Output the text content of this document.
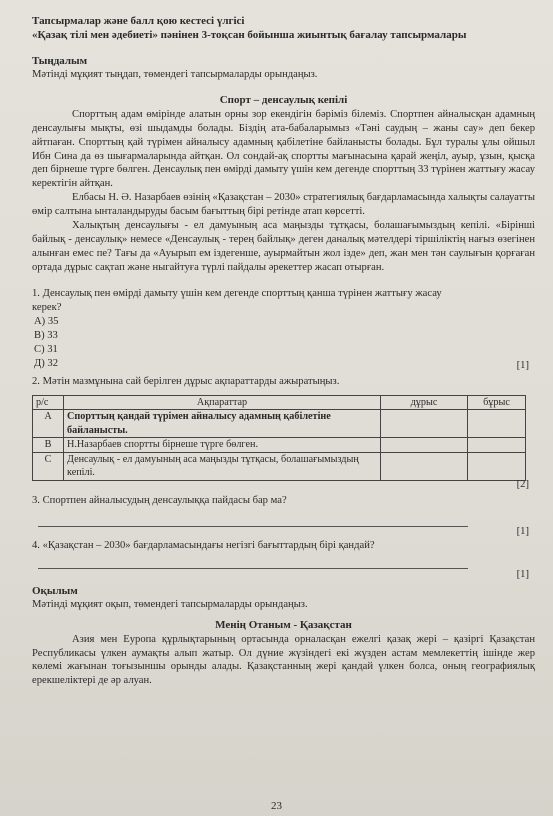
Тапсырмалар және балл қою кестесі үлгісі
«Қазақ тілі мен әдебиеті» пәнінен 3-тоқсан бойынша жиынтық бағалау тапсырмалары
Тыңдалым
Мәтінді мұқият тыңдап, төмендегі тапсырмаларды орындаңыз.
Спорт – денсаулық кепілі

Спорттың адам өмірінде алатын орны зор екендігін бәріміз білеміз. Спортпен айналысқан адамның денсаулығы мықты, өзі шыдамды болады. Біздің ата-бабаларымыз «Тәні саудың – жаны сау» деп бекер айтпаған. Спорттың қай түрімен айналысу адамның қабілетіне байланысты болады. Бұл туралы ұлы ойшыл Ибн Сина да өз шығармаларында айтқан. Ол сондай-ақ спортты мағынасына қарай жеңіл, ауыр, ұзын, қысқа деп бірнеше түрге бөлген. Денсаулық пен өмірді дамыту үшін кем дегенде спорттың 33 түрінен жаттығу жасау керектігін айтқан.

Елбасы Н. Ә. Назарбаев өзінің «Қазақстан – 2030» стратегиялық бағдарламасында халықты салауатты өмір салтына ынталандыруды басым бағыттың бірі ретінде атап көрсетті.

Халықтың денсаулығы - ел дамуының аса маңызды тұтқасы, болашағымыздың кепілі. «Бірінші байлық - денсаулық» немесе «Денсаулық - терең байлық» деген даналық мәтелдері тіршіліктің нағыз өзегінен алынған емес пе? Тағы да «Ауырып ем іздегенше, ауырмайтын жол ізде» деп, жан мен тән саулығын қорғаған ортада дұрыс сақтап және ныгайтуға түрлі пайдалы әрекеттер жасап отырған.

1. Денсаулық пен өмірді дамыту үшін кем дегенде спорттың қанша түрінен жаттығу жасау керек?
А) 35
В) 33
С) 31
Д) 32	[1]
2. Мәтін мазмұнына сай берілген дұрыс ақпараттарды ажыратыңыз.
р/с	Ақпараттар	дұрыс	бұрыс
А	Спорттың қандай түрімен айналысу адамның қабілетіне байланысты.		
В	Н.Назарбаев спортты бірнеше түрге бөлген.		
С	Денсаулық - ел дамуының аса маңызды тұтқасы, болашағымыздың кепілі.		
[2]
3. Спортпен айналысудың денсаулыққа пайдасы бар ма?
[1]
4. «Қазақстан – 2030» бағдарламасындағы негізгі бағыттардың бірі қандай?
[1]
Оқылым
Мәтінді мұқият оқып, төмендегі тапсырмаларды орындаңыз.
Менің Отаным - Қазақстан

Азия мен Еуропа құрлықтарының ортасында орналасқан ежелгі қазақ жері – қазіргі Қазақстан Республикасы үлкен аумақты алып жатыр. Ол дүние жүзіндегі екі жүзден астам мемлекеттің ішінде жер көлемі жағынан тоғызыншы орынды алады. Қазақстанның жері қандай үлкен болса, оның географиялық ерекшеліктері де әр алуан.

23
